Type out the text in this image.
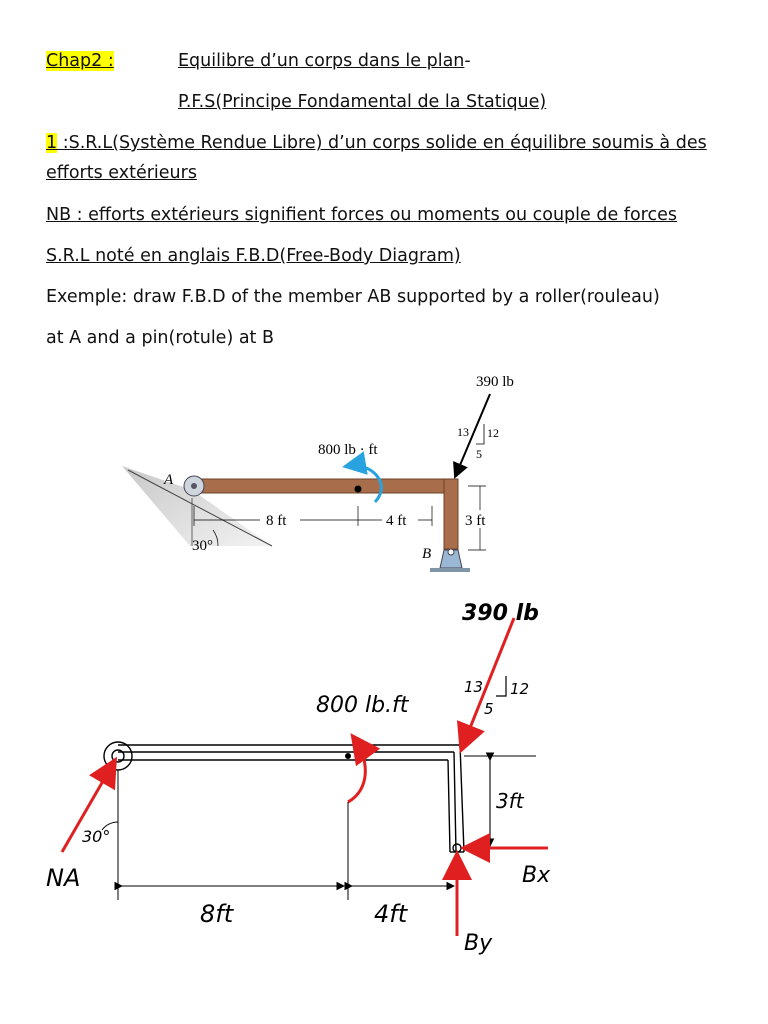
Chap2 :	Equilibre d’un corps dans le plan-
P.F.S(Principe Fondamental de la Statique)
1 :S.R.L(Système Rendue Libre) d’un corps solide en équilibre soumis à des
efforts extérieurs
NB : efforts extérieurs signifient forces ou moments ou couple de forces
S.R.L noté en anglais F.B.D(Free-Body Diagram)
Exemple: draw F.B.D of the member AB supported by a roller(rouleau)
at A and a pin(rotule) at B
A
B
800 lb · ft
390 lb
13 12
5
8 ft	4 ft	3 ft
30°
800 lb.ft
390 lb
13 12
5
3ft
30°
NA	Bx
By
8ft	4ft
